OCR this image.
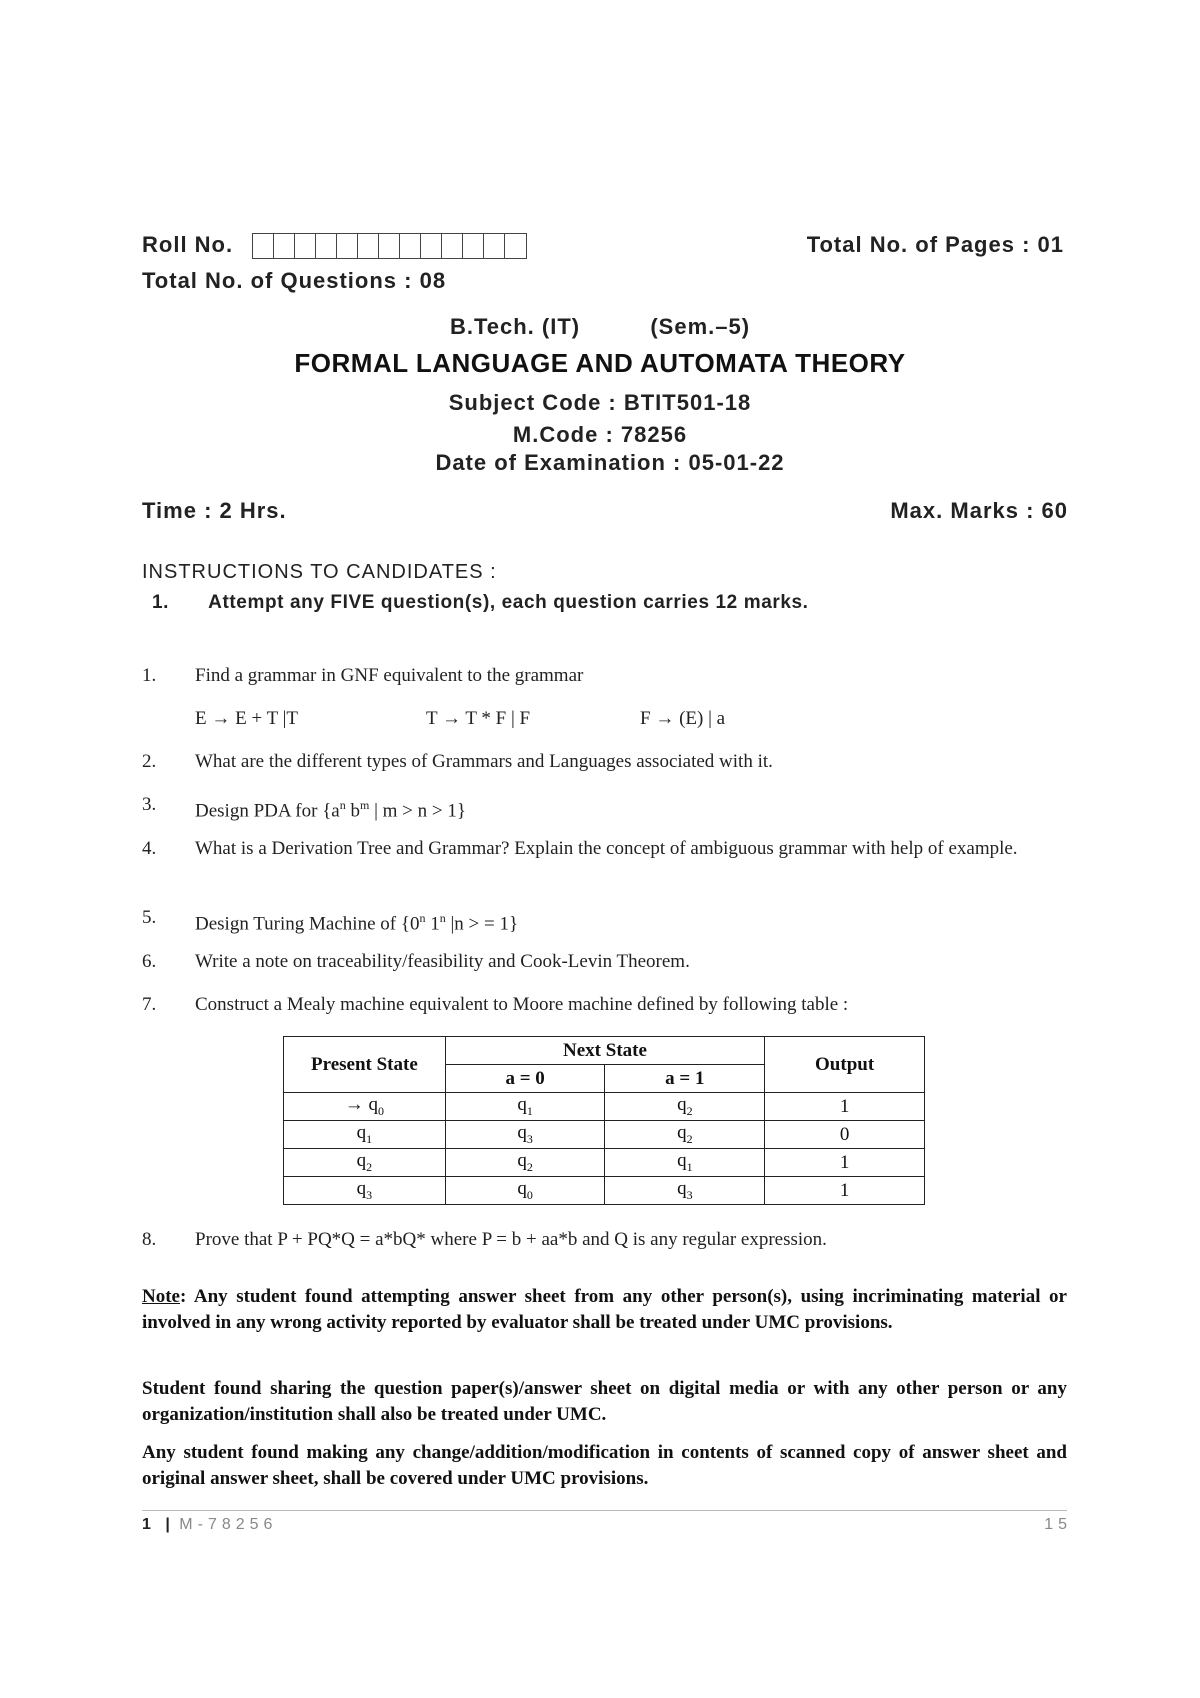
Roll No.	Total No. of Pages : 01
Total No. of Questions : 08
B.Tech. (IT)	(Sem.–5)
FORMAL LANGUAGE AND AUTOMATA THEORY
Subject Code : BTIT501-18
M.Code : 78256
Date of Examination : 05-01-22
Time : 2 Hrs.	Max. Marks : 60
INSTRUCTIONS TO CANDIDATES :
1. Attempt any FIVE question(s), each question carries 12 marks.
1. Find a grammar in GNF equivalent to the grammar
E → E + T |T	T → T * F | F	F → (E) | a
2. What are the different types of Grammars and Languages associated with it.
3. Design PDA for {$a^n$ $b^m$ | m > n > 1}
4. What is a Derivation Tree and Grammar? Explain the concept of ambiguous grammar with help of example.
5. Design Turing Machine of {0$^n$ 1$^n$ |n > = 1}
6. Write a note on traceability/feasibility and Cook-Levin Theorem.
7. Construct a Mealy machine equivalent to Moore machine defined by following table :
Present State	Next State		Output
	a = 0	a = 1	
→ $q_0$	$q_1$	$q_2$	1
$q_1$	$q_3$	$q_2$	0
$q_2$	$q_2$	$q_1$	1
$q_3$	$q_0$	$q_3$	1
8. Prove that P + PQ*Q = a*bQ* where P = b + aa*b and Q is any regular expression.
Note: Any student found attempting answer sheet from any other person(s), using incriminating material or involved in any wrong activity reported by evaluator shall be treated under UMC provisions.
Student found sharing the question paper(s)/answer sheet on digital media or with any other person or any organization/institution shall also be treated under UMC.
Any student found making any change/addition/modification in contents of scanned copy of answer sheet and original answer sheet, shall be covered under UMC provisions.
1 | M-78256	15
